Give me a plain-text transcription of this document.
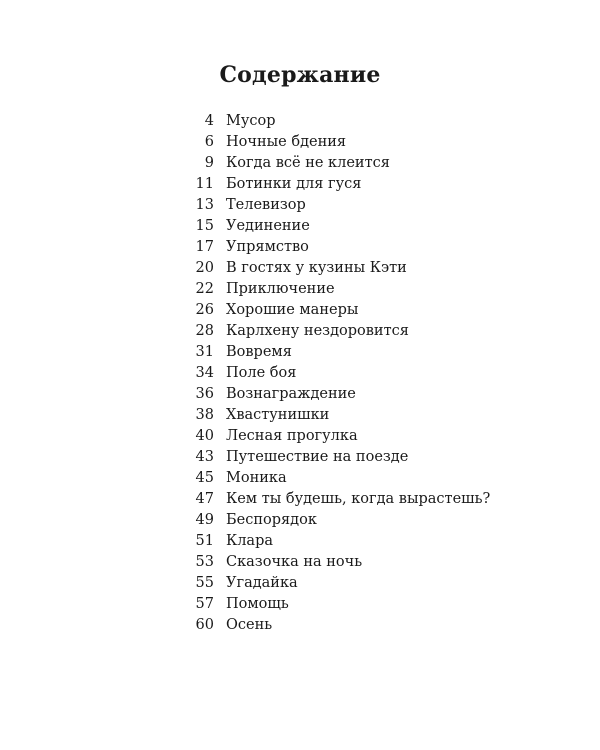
Содержание
4 Мусор
6 Ночные бдения
9 Когда всё не клеится
11 Ботинки для гуся
13 Телевизор
15 Уединение
17 Упрямство
20 В гостях у кузины Кэти
22 Приключение
26 Хорошие манеры
28 Карлхену нездоровится
31 Вовремя
34 Поле боя
36 Вознаграждение
38 Хвастунишки
40 Лесная прогулка
43 Путешествие на поезде
45 Моника
47 Кем ты будешь, когда вырастешь?
49 Беспорядок
51 Клара
53 Сказочка на ночь
55 Угадайка
57 Помощь
60 Осень
